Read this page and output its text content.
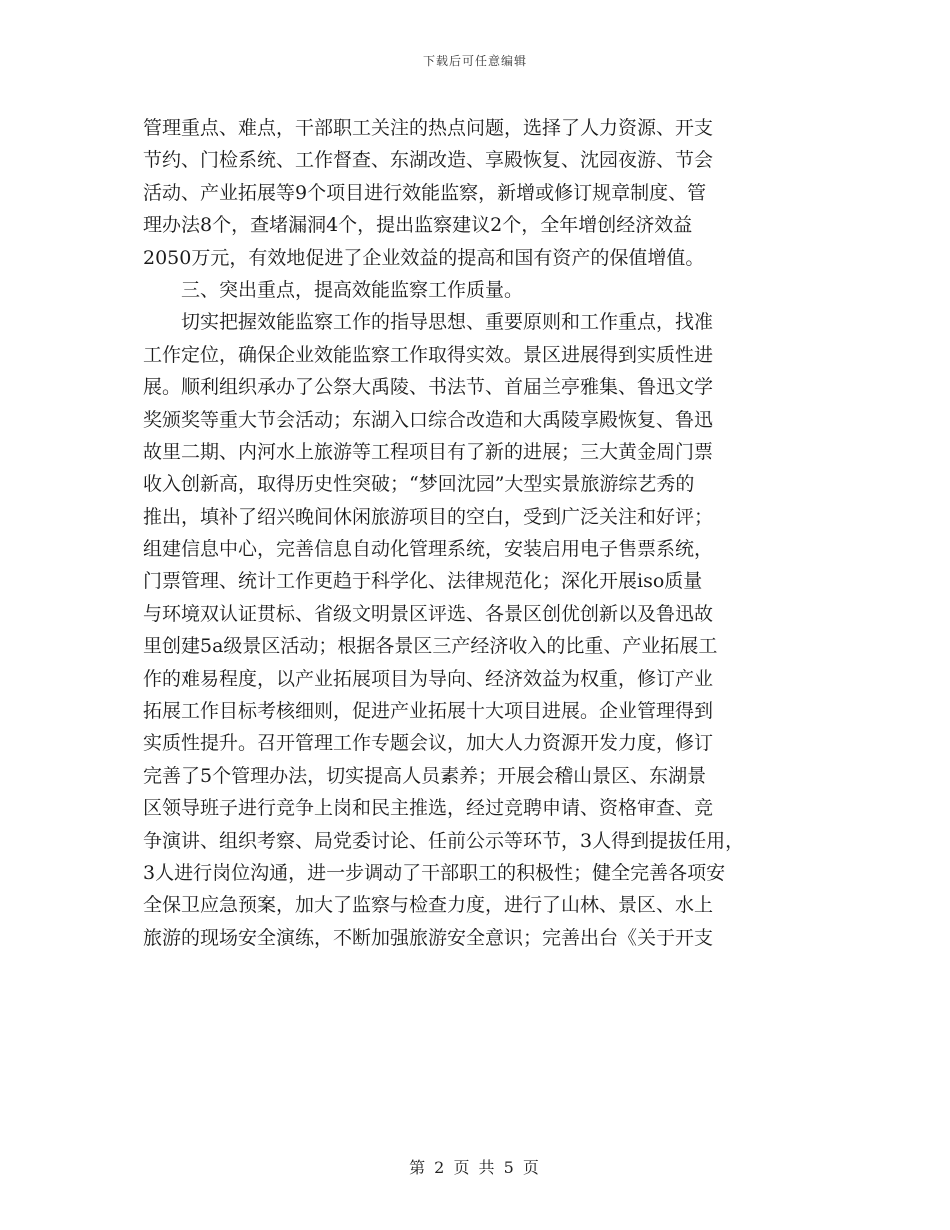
下载后可任意编辑
管理重点、难点，干部职工关注的热点问题，选择了人力资源、开支
节约、门检系统、工作督查、东湖改造、享殿恢复、沈园夜游、节会
活动、产业拓展等9个项目进行效能监察，新增或修订规章制度、管
理办法8个，查堵漏洞4个，提出监察建议2个，全年增创经济效益
2050万元，有效地促进了企业效益的提高和国有资产的保值增值。
三、突出重点，提高效能监察工作质量。
切实把握效能监察工作的指导思想、重要原则和工作重点，找准
工作定位，确保企业效能监察工作取得实效。景区进展得到实质性进
展。顺利组织承办了公祭大禹陵、书法节、首届兰亭雅集、鲁迅文学
奖颁奖等重大节会活动；东湖入口综合改造和大禹陵享殿恢复、鲁迅
故里二期、内河水上旅游等工程项目有了新的进展；三大黄金周门票
收入创新高，取得历史性突破；“梦回沈园”大型实景旅游综艺秀的
推出，填补了绍兴晚间休闲旅游项目的空白，受到广泛关注和好评；
组建信息中心，完善信息自动化管理系统，安装启用电子售票系统，
门票管理、统计工作更趋于科学化、法律规范化；深化开展iso质量
与环境双认证贯标、省级文明景区评选、各景区创优创新以及鲁迅故
里创建5a级景区活动；根据各景区三产经济收入的比重、产业拓展工
作的难易程度，以产业拓展项目为导向、经济效益为权重，修订产业
拓展工作目标考核细则，促进产业拓展十大项目进展。企业管理得到
实质性提升。召开管理工作专题会议，加大人力资源开发力度，修订
完善了5个管理办法，切实提高人员素养；开展会稽山景区、东湖景
区领导班子进行竞争上岗和民主推选，经过竞聘申请、资格审查、竞
争演讲、组织考察、局党委讨论、任前公示等环节，3人得到提拔任用，
3人进行岗位沟通，进一步调动了干部职工的积极性；健全完善各项安
全保卫应急预案，加大了监察与检查力度，进行了山林、景区、水上
旅游的现场安全演练，不断加强旅游安全意识；完善出台《关于开支
第 2 页 共 5 页
